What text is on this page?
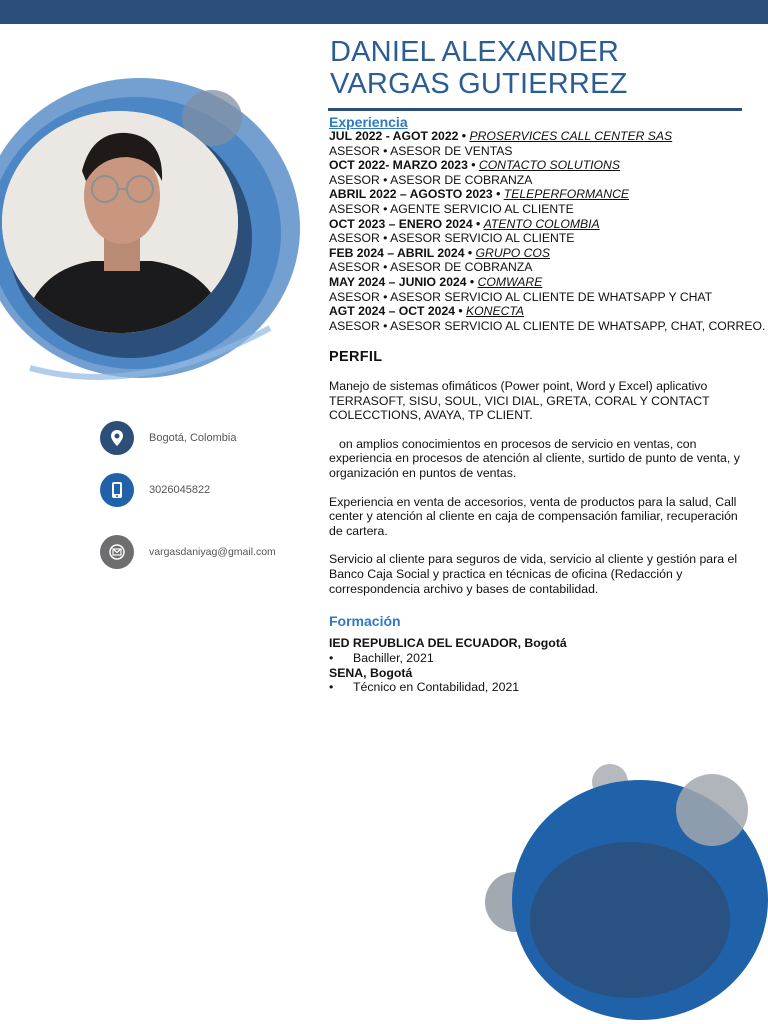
DANIEL ALEXANDER
VARGAS GUTIERREZ
Experiencia
JUL 2022 - AGOT 2022 • PROSERVICES CALL CENTER SAS
ASESOR • ASESOR DE VENTAS
OCT 2022- MARZO 2023 • CONTACTO SOLUTIONS
ASESOR • ASESOR DE COBRANZA
ABRIL 2022 – AGOSTO 2023 • TELEPERFORMANCE
ASESOR • AGENTE SERVICIO AL CLIENTE
OCT 2023 – ENERO 2024 • ATENTO COLOMBIA
ASESOR • ASESOR SERVICIO AL CLIENTE
FEB 2024 – ABRIL 2024 • GRUPO COS
ASESOR • ASESOR DE COBRANZA
MAY 2024 – JUNIO 2024 • COMWARE
ASESOR • ASESOR SERVICIO AL CLIENTE DE WHATSAPP Y CHAT
AGT 2024 – OCT 2024 • KONECTA
ASESOR • ASESOR SERVICIO AL CLIENTE DE WHATSAPP, CHAT, CORREO.
PERFIL

Manejo de sistemas ofimáticos (Power point, Word y Excel) aplicativo TERRASOFT, SISU, SOUL, VICI DIAL, GRETA, CORAL Y CONTACT COLECCTIONS, AVAYA, TP CLIENT.

on amplios conocimientos en procesos de servicio en ventas, con experiencia en procesos de atención al cliente, surtido de punto de venta, y organización en puntos de ventas.

Experiencia en venta de accesorios, venta de productos para la salud, Call center y atención al cliente en caja de compensación familiar, recuperación de cartera.

Servicio al cliente para seguros de vida, servicio al cliente y gestión para el Banco Caja Social y practica en técnicas de oficina (Redacción y correspondencia archivo y bases de contabilidad.

Formación
IED REPUBLICA DEL ECUADOR, Bogotá
• Bachiller, 2021
SENA, Bogotá
• Técnico en Contabilidad, 2021
Bogotá, Colombia
3026045822
vargasdaniyag@gmail.com
